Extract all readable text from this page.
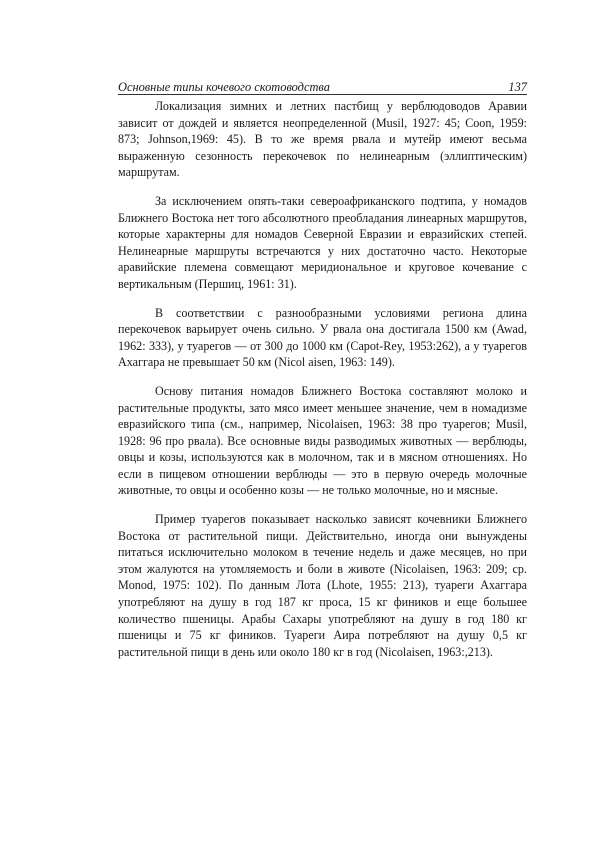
Основные типы кочевого скотоводства	137

Локализация зимних и летних пастбищ у верблюдоводов Аравии зависит от дождей и является неопределенной (Musil, 1927: 45; Coon, 1959: 873; Johnson,1969: 45). В то же время рвала и мутейр имеют весьма выраженную сезонность перекочевок по нелинеарным (эллиптическим) маршрутам.

За исключением опять-таки североафриканского подтипа, у номадов Ближнего Востока нет того абсолютного преобладания линеарных маршрутов, которые характерны для номадов Северной Евразии и евразийских степей. Нелинеарные маршруты встречаются у них достаточно часто. Некоторые аравийские племена совмещают меридиональное и круговое кочевание с вертикальным (Першиц, 1961: 31).

В соответствии с разнообразными условиями региона длина перекочевок варьирует очень сильно. У рвала она достигала 1500 км (Awad, 1962: 333), у туарегов — от 300 до 1000 км (Capot-Rey, 1953:262), а у туарегов Ахаггара не превышает 50 км (Nicol aisen, 1963: 149).

Основу питания номадов Ближнего Востока составляют молоко и растительные продукты, зато мясо имеет меньшее значение, чем в номадизме евразийского типа (см., например, Nicolaisen, 1963: 38 про туарегов; Musil, 1928: 96 про рвала). Все основные виды разводимых животных — верблюды, овцы и козы, используются как в молочном, так и в мясном отношениях. Но если в пищевом отношении верблюды — это в первую очередь молочные животные, то овцы и особенно козы — не только молочные, но и мясные.

Пример туарегов показывает насколько зависят кочевники Ближнего Востока от растительной пищи. Действительно, иногда они вынуждены питаться исключительно молоком в течение недель и даже месяцев, но при этом жалуются на утомляемость и боли в животе (Nicolaisen, 1963: 209; ср. Monod, 1975: 102). По данным Лота (Lhote, 1955: 213), туареги Ахаггара употребляют на душу в год 187 кг проса, 15 кг фиников и еще большее количество пшеницы. Арабы Сахары употребляют на душу в год 180 кг пшеницы и 75 кг фиников. Туареги Аира потребляют на душу 0,5 кг растительной пищи в день или около 180 кг в год (Nicolaisen, 1963:,213).
